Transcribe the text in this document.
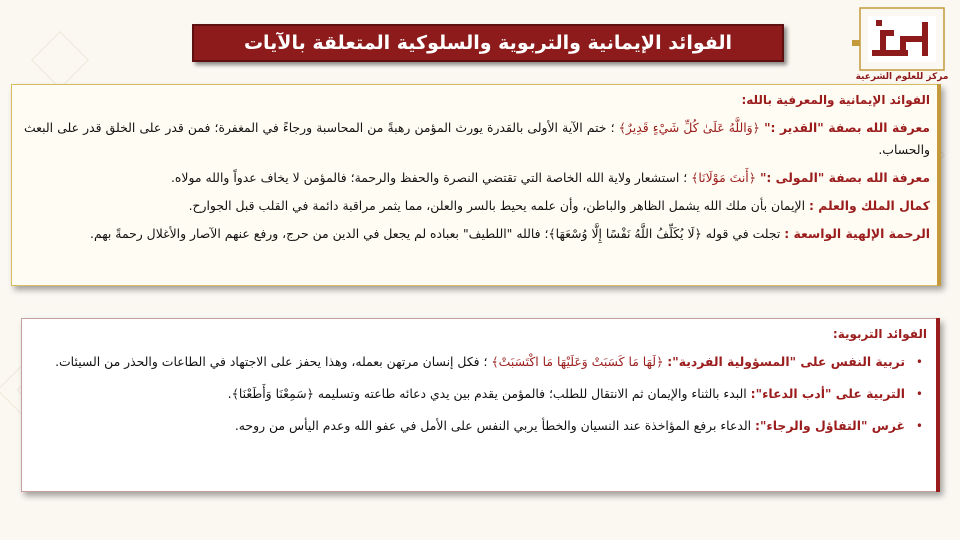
الفوائد الإيمانية والتربوية والسلوكية المتعلقة بالآيات
مركز للعلوم الشرعية
الفوائد الإيمانية والمعرفية بالله:
معرفة الله بصفة "القدير :" ﴿وَاللَّهُ عَلَىٰ كُلِّ شَيْءٍ قَدِيرٌ﴾ ؛ ختم الآية الأولى بالقدرة يورث المؤمن رهبةً من المحاسبة ورجاءً في المغفرة؛ فمن قدر على الخلق قدر على البعث والحساب.
معرفة الله بصفة "المولى :" ﴿أَنتَ مَوْلَانَا﴾ ؛ استشعار ولاية الله الخاصة التي تقتضي النصرة والحفظ والرحمة؛ فالمؤمن لا يخاف عدواً والله مولاه.
كمال الملك والعلم : الإيمان بأن ملك الله يشمل الظاهر والباطن، وأن علمه يحيط بالسر والعلن، مما يثمر مراقبة دائمة في القلب قبل الجوارح.
الرحمة الإلهية الواسعة : تجلت في قوله ﴿لَا يُكَلِّفُ اللَّهُ نَفْسًا إِلَّا وُسْعَهَا﴾؛ فالله "اللطيف" بعباده لم يجعل في الدين من حرج، ورفع عنهم الآصار والأغلال رحمةً بهم.
الفوائد التربوية:
•
تربية النفس على "المسؤولية الفردية": ﴿لَهَا مَا كَسَبَتْ وَعَلَيْهَا مَا اكْتَسَبَتْ﴾ ؛ فكل إنسان مرتهن بعمله، وهذا يحفز على الاجتهاد في الطاعات والحذر من السيئات.
•
التربية على "أدب الدعاء": البدء بالثناء والإيمان ثم الانتقال للطلب؛ فالمؤمن يقدم بين يدي دعائه طاعته وتسليمه ﴿سَمِعْنَا وَأَطَعْنَا﴾.
•
غرس "التفاؤل والرجاء": الدعاء برفع المؤاخذة عند النسيان والخطأ يربي النفس على الأمل في عفو الله وعدم اليأس من روحه.
